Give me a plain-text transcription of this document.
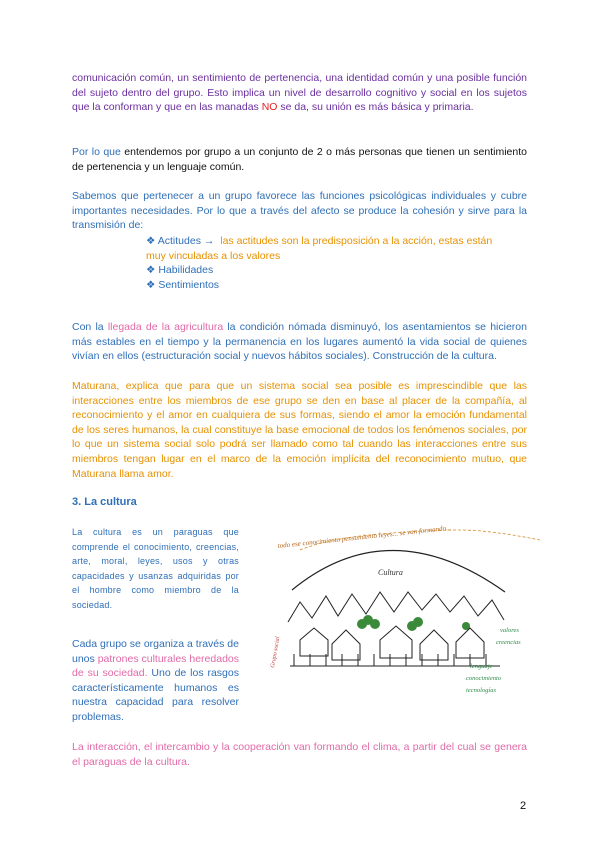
comunicación común, un sentimiento de pertenencia, una identidad común y una posible función del sujeto dentro del grupo. Esto implica un nivel de desarrollo cognitivo y social en los sujetos que la conforman y que en las manadas NO se da, su unión es más básica y primaria.

Por lo que entendemos por grupo a un conjunto de 2 o más personas que tienen un sentimiento de pertenencia y un lenguaje común.

Sabemos que pertenecer a un grupo favorece las funciones psicológicas individuales y cubre importantes necesidades. Por lo que a través del afecto se produce la cohesión y sirve para la transmisión de:

❖ Actitudes → las actitudes son la predisposición a la acción, estas están
muy vinculadas a los valores
❖ Habilidades
❖ Sentimientos

Con la llegada de la agricultura la condición nómada disminuyó, los asentamientos se hicieron más estables en el tiempo y la permanencia en los lugares aumentó la vida social de quienes vivían en ellos (estructuración social y nuevos hábitos sociales). Construcción de la cultura.

Maturana, explica que para que un sistema social sea posible es imprescindible que las interacciones entre los miembros de ese grupo se den en base al placer de la compañía, al reconocimiento y el amor en cualquiera de sus formas, siendo el amor la emoción fundamental de los seres humanos, la cual constituye la base emocional de todos los fenómenos sociales, por lo que un sistema social solo podrá ser llamado como tal cuando las interacciones entre sus miembros tengan lugar en el marco de la emoción implícita del reconocimiento mutuo, que Maturana llama amor.

3. La cultura

La cultura es un paraguas que comprende el conocimiento, creencias, arte, moral, leyes, usos y otras capacidades y usanzas adquiridas por el hombre como miembro de la sociedad.

Cada grupo se organiza a través de unos patrones culturales heredados de su sociedad. Uno de los rasgos característicamente humanos es nuestra capacidad para resolver problemas.

La interacción, el intercambio y la cooperación van formando el clima, a partir del cual se genera el paraguas de la cultura.

todo ese conocimiento pensamiento leyes... se van formando...
Cultura
Grupo social
valores
creencias
lenguaje
conocimiento
tecnologías
2
